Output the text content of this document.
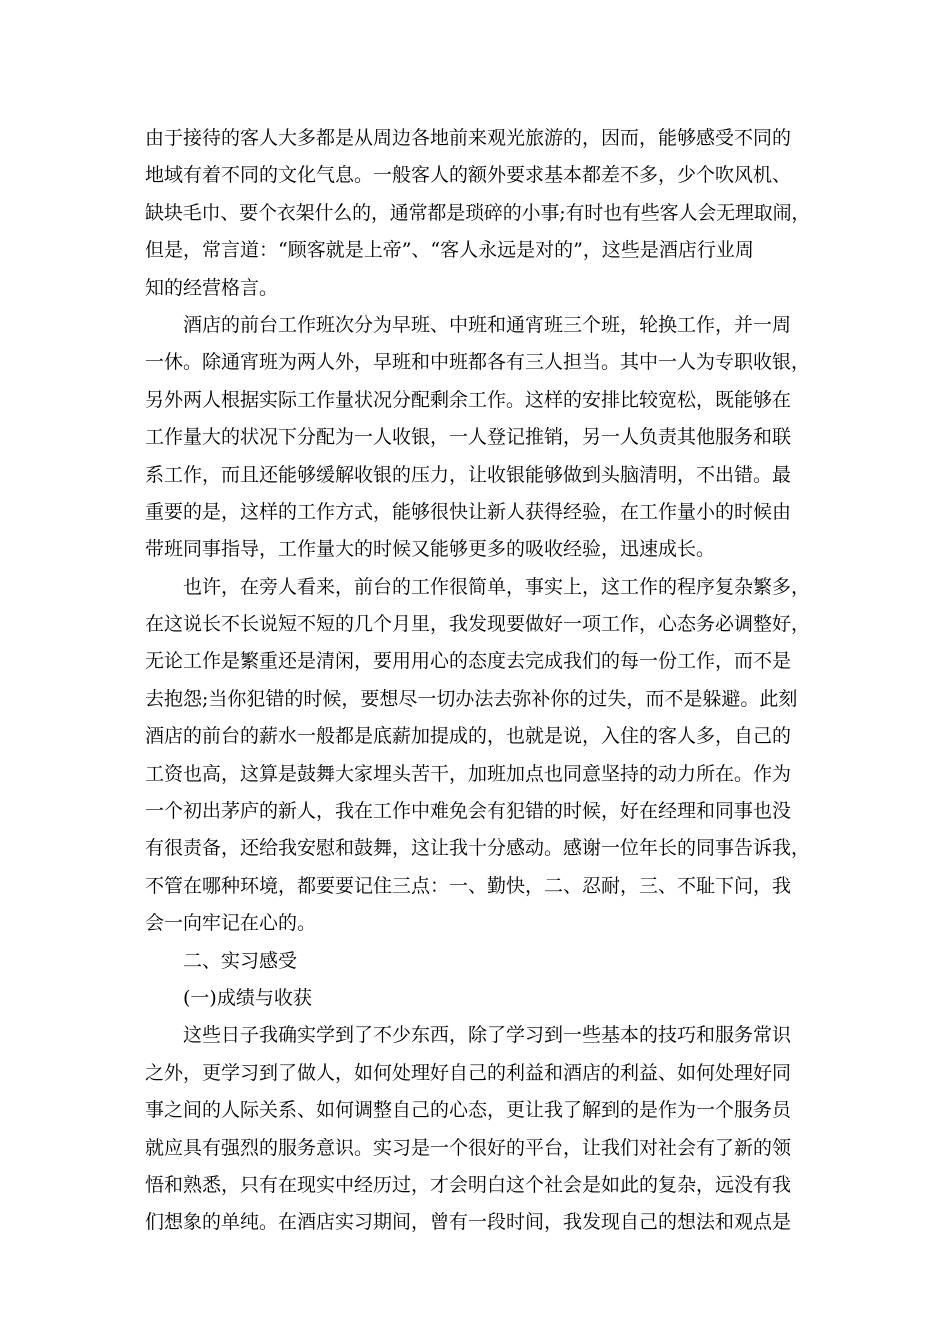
由于接待的客人大多都是从周边各地前来观光旅游的，因而，能够感受不同的
地域有着不同的文化气息。一般客人的额外要求基本都差不多，少个吹风机、
缺块毛巾、要个衣架什么的，通常都是琐碎的小事;有时也有些客人会无理取闹，
但是，常言道：“顾客就是上帝”、“客人永远是对的”，这些是酒店行业周
知的经营格言。
酒店的前台工作班次分为早班、中班和通宵班三个班，轮换工作，并一周
一休。除通宵班为两人外，早班和中班都各有三人担当。其中一人为专职收银，
另外两人根据实际工作量状况分配剩余工作。这样的安排比较宽松，既能够在
工作量大的状况下分配为一人收银，一人登记推销，另一人负责其他服务和联
系工作，而且还能够缓解收银的压力，让收银能够做到头脑清明，不出错。最
重要的是，这样的工作方式，能够很快让新人获得经验，在工作量小的时候由
带班同事指导，工作量大的时候又能够更多的吸收经验，迅速成长。
也许，在旁人看来，前台的工作很简单，事实上，这工作的程序复杂繁多，
在这说长不长说短不短的几个月里，我发现要做好一项工作，心态务必调整好，
无论工作是繁重还是清闲，要用用心的态度去完成我们的每一份工作，而不是
去抱怨;当你犯错的时候，要想尽一切办法去弥补你的过失，而不是躲避。此刻
酒店的前台的薪水一般都是底薪加提成的，也就是说，入住的客人多，自己的
工资也高，这算是鼓舞大家埋头苦干，加班加点也同意坚持的动力所在。作为
一个初出茅庐的新人，我在工作中难免会有犯错的时候，好在经理和同事也没
有很责备，还给我安慰和鼓舞，这让我十分感动。感谢一位年长的同事告诉我，
不管在哪种环境，都要要记住三点：一、勤快，二、忍耐，三、不耻下问，我
会一向牢记在心的。
二、实习感受
(一)成绩与收获
这些日子我确实学到了不少东西，除了学习到一些基本的技巧和服务常识
之外，更学习到了做人，如何处理好自己的利益和酒店的利益、如何处理好同
事之间的人际关系、如何调整自己的心态，更让我了解到的是作为一个服务员
就应具有强烈的服务意识。实习是一个很好的平台，让我们对社会有了新的领
悟和熟悉，只有在现实中经历过，才会明白这个社会是如此的复杂，远没有我
们想象的单纯。在酒店实习期间，曾有一段时间，我发现自己的想法和观点是
